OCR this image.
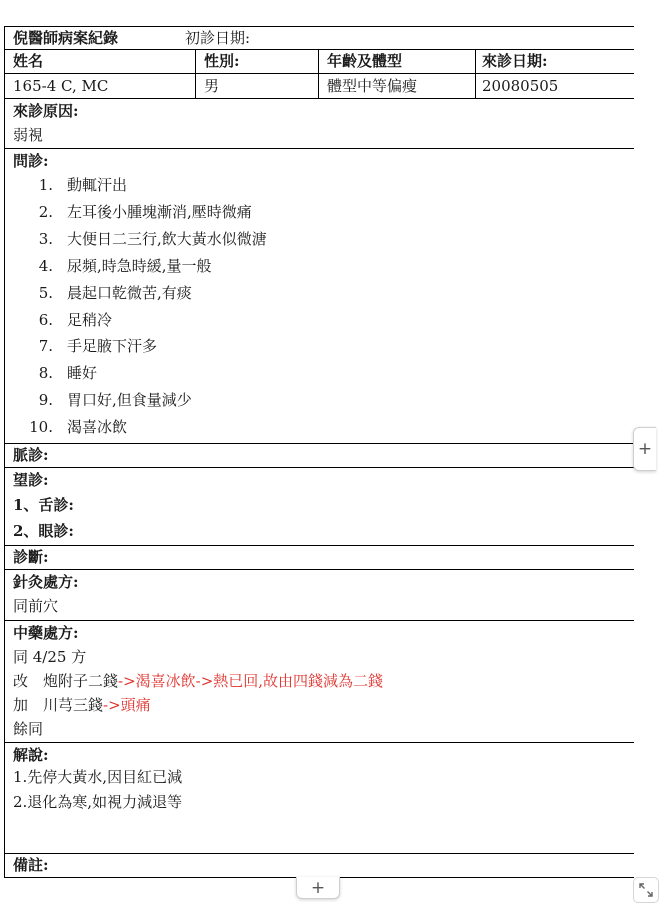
倪醫師病案紀錄	初診日期:
姓名	性別:	年齡及體型	來診日期:
165-4 C, MC	男	體型中等偏瘦	20080505
來診原因:
弱視
問診:
1. 動輒汗出
2. 左耳後小腫塊漸消,壓時微痛
3. 大便日二三行,飲大黃水似微溏
4. 尿頻,時急時緩,量一般
5. 晨起口乾微苦,有痰
6. 足稍冷
7. 手足腋下汗多
8. 睡好
9. 胃口好,但食量減少
10. 渴喜冰飲
脈診:
望診:
1、舌診:
2、眼診:
診斷:
針灸處方:
同前穴
中藥處方:
同 4/25 方
改　炮附子二錢->渴喜冰飲->熱已回,故由四錢減為二錢
加　川芎三錢->頭痛
餘同
解說:
1.先停大黃水,因目紅已減
2.退化為寒,如視力減退等
備註:
+
+
